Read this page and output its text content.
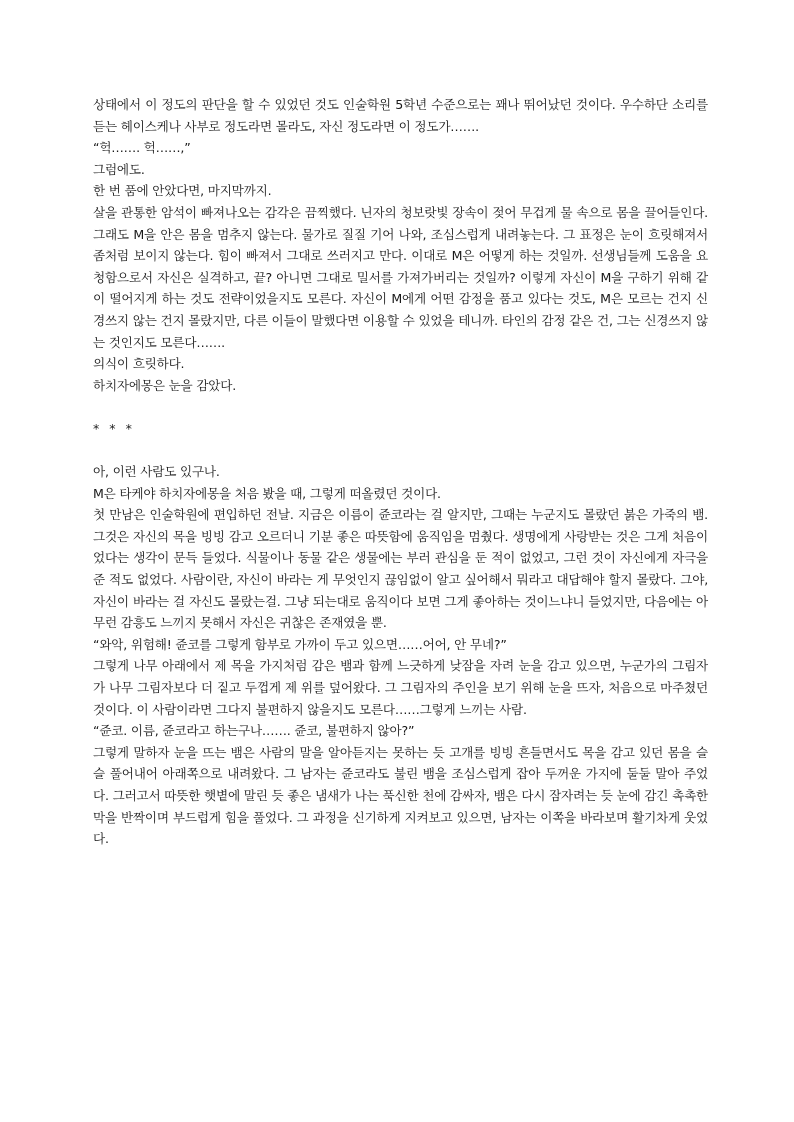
상태에서 이 정도의 판단을 할 수 있었던 것도 인술학원 5학년 수준으로는 꽤나 뛰어났던 것이다. 우수하단 소리를 듣는 헤이스케나 사부로 정도라면 몰라도, 자신 정도라면 이 정도가…….

“헉……. 헉……,”

그럼에도.

한 번 품에 안았다면, 마지막까지.

살을 관통한 암석이 빠져나오는 감각은 끔찍했다. 닌자의 청보랏빛 장속이 젖어 무겁게 물 속으로 몸을 끌어들인다. 그래도 M을 안은 몸을 멈추지 않는다. 물가로 질질 기어 나와, 조심스럽게 내려놓는다. 그 표정은 눈이 흐릿해져서 좀처럼 보이지 않는다. 힘이 빠져서 그대로 쓰러지고 만다. 이대로 M은 어떻게 하는 것일까. 선생님들께 도움을 요청함으로서 자신은 실격하고, 끝? 아니면 그대로 밀서를 가져가버리는 것일까? 이렇게 자신이 M을 구하기 위해 같이 떨어지게 하는 것도 전략이었을지도 모른다. 자신이 M에게 어떤 감정을 품고 있다는 것도, M은 모르는 건지 신경쓰지 않는 건지 몰랐지만, 다른 이들이 말했다면 이용할 수 있었을 테니까. 타인의 감정 같은 건, 그는 신경쓰지 않는 것인지도 모른다…….

의식이 흐릿하다.

하치자에몽은 눈을 감았다.

* * *

아, 이런 사람도 있구나.

M은 타케야 하치자에몽을 처음 봤을 때, 그렇게 떠올렸던 것이다.

첫 만남은 인술학원에 편입하던 전날. 지금은 이름이 쥰코라는 걸 알지만, 그때는 누군지도 몰랐던 붉은 가죽의 뱀. 그것은 자신의 목을 빙빙 감고 오르더니 기분 좋은 따뜻함에 움직임을 멈췄다. 생명에게 사랑받는 것은 그게 처음이었다는 생각이 문득 들었다. 식물이나 동물 같은 생물에는 부러 관심을 둔 적이 없었고, 그런 것이 자신에게 자극을 준 적도 없었다. 사람이란, 자신이 바라는 게 무엇인지 끊임없이 알고 싶어해서 뭐라고 대답해야 할지 몰랐다. 그야, 자신이 바라는 걸 자신도 몰랐는걸. 그냥 되는대로 움직이다 보면 그게 좋아하는 것이느냐니 들었지만, 다음에는 아무런 감흥도 느끼지 못해서 자신은 귀찮은 존재였을 뿐.

“와악, 위험해! 쥰코를 그렇게 함부로 가까이 두고 있으면……어어, 안 무네?”

그렇게 나무 아래에서 제 목을 가지처럼 감은 뱀과 함께 느긋하게 낮잠을 자려 눈을 감고 있으면, 누군가의 그림자가 나무 그림자보다 더 짙고 두껍게 제 위를 덮어왔다. 그 그림자의 주인을 보기 위해 눈을 뜨자, 처음으로 마주쳤던 것이다. 이 사람이라면 그다지 불편하지 않을지도 모른다……그렇게 느끼는 사람.

“쥰코. 이름, 쥰코라고 하는구나……. 쥰코, 불편하지 않아?”

그렇게 말하자 눈을 뜨는 뱀은 사람의 말을 알아듣지는 못하는 듯 고개를 빙빙 흔들면서도 목을 감고 있던 몸을 슬슬 풀어내어 아래쪽으로 내려왔다. 그 남자는 쥰코라도 불린 뱀을 조심스럽게 잡아 두꺼운 가지에 둘둘 말아 주었다. 그러고서 따뜻한 햇볕에 말린 듯 좋은 냄새가 나는 푹신한 천에 감싸자, 뱀은 다시 잠자려는 듯 눈에 감긴 촉촉한 막을 반짝이며 부드럽게 힘을 풀었다. 그 과정을 신기하게 지켜보고 있으면, 남자는 이쪽을 바라보며 활기차게 웃었다.
